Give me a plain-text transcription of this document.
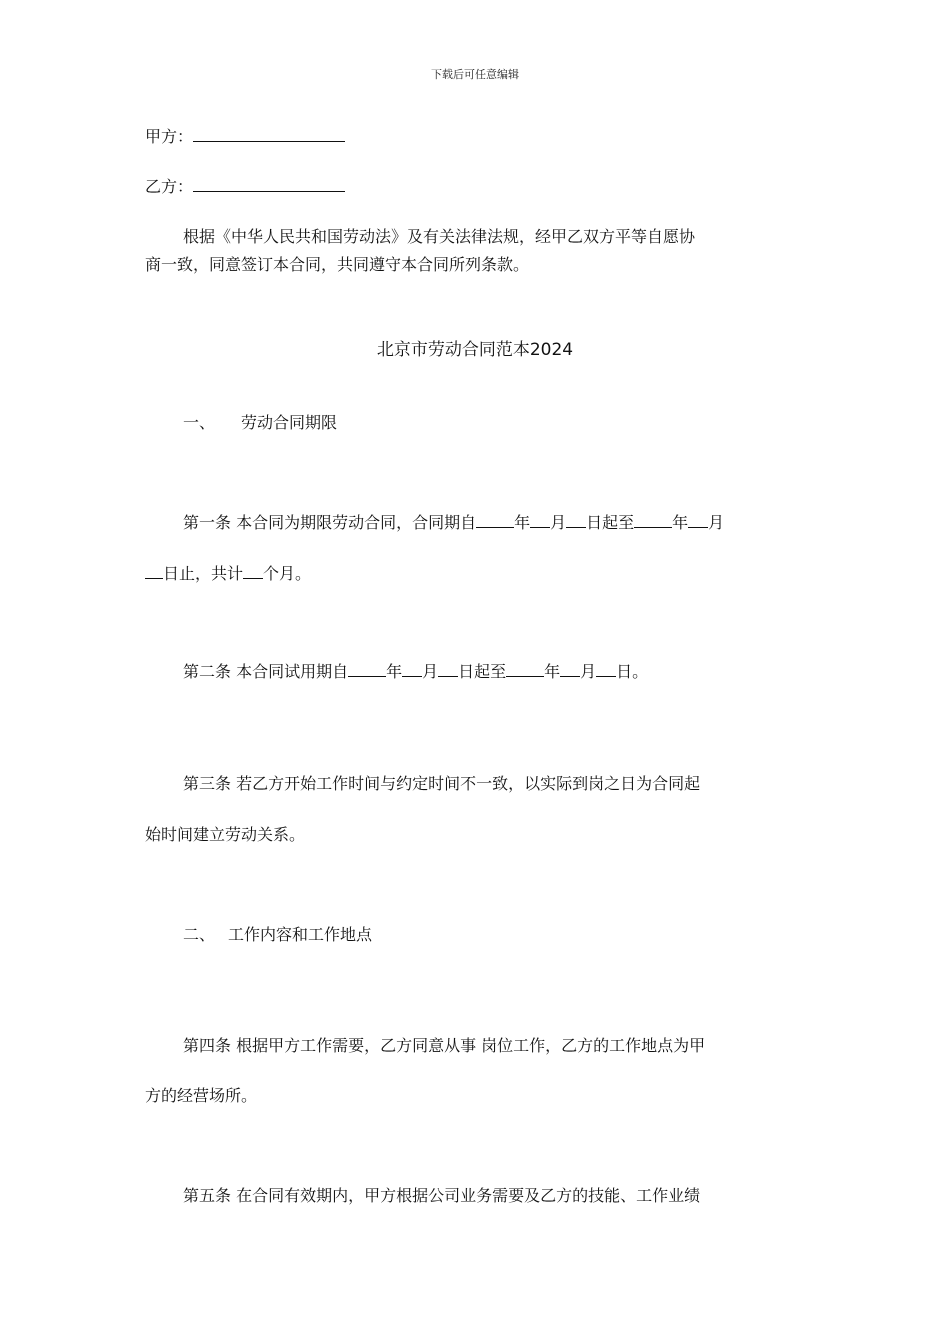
下载后可任意编辑
甲方：
乙方：
根据《中华人民共和国劳动法》及有关法律法规，经甲乙双方平等自愿协
商一致，同意签订本合同，共同遵守本合同所列条款。
北京市劳动合同范本2024
一、 劳动合同期限
第一条 本合同为期限劳动合同，合同期自 年 月 日起至 年 月
日止，共计 个月。
第二条 本合同试用期自 年 月 日起至 年 月 日。
第三条 若乙方开始工作时间与约定时间不一致，以实际到岗之日为合同起
始时间建立劳动关系。
二、 工作内容和工作地点
第四条 根据甲方工作需要，乙方同意从事 岗位工作，乙方的工作地点为甲
方的经营场所。
第五条 在合同有效期内，甲方根据公司业务需要及乙方的技能、工作业绩
